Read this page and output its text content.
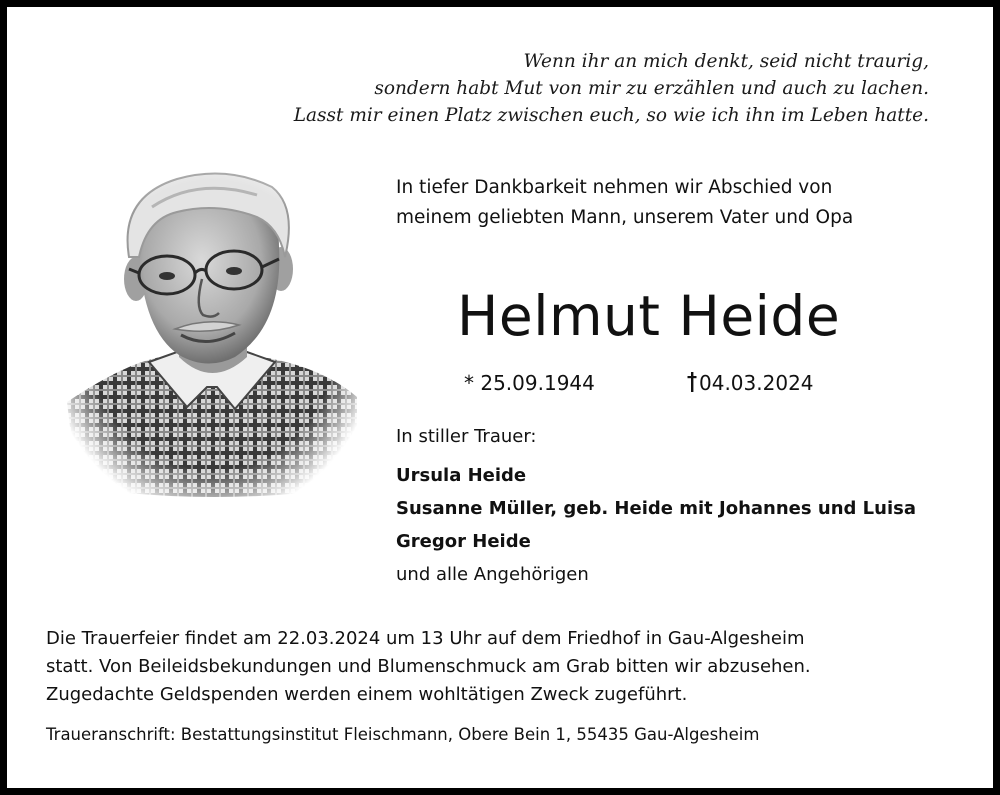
Wenn ihr an mich denkt, seid nicht traurig,
sondern habt Mut von mir zu erzählen und auch zu lachen.
Lasst mir einen Platz zwischen euch, so wie ich ihn im Leben hatte.
In tiefer Dankbarkeit nehmen wir Abschied von
meinem geliebten Mann, unserem Vater und Opa
Helmut Heide
* 25.09.1944	04.03.2024
In stiller Trauer:
Ursula Heide
Susanne Müller, geb. Heide mit Johannes und Luisa
Gregor Heide
und alle Angehörigen
Die Trauerfeier findet am 22.03.2024 um 13 Uhr auf dem Friedhof in Gau-Algesheim
statt. Von Beileidsbekundungen und Blumenschmuck am Grab bitten wir abzusehen.
Zugedachte Geldspenden werden einem wohltätigen Zweck zugeführt.
Traueranschrift: Bestattungsinstitut Fleischmann, Obere Bein 1, 55435 Gau-Algesheim
